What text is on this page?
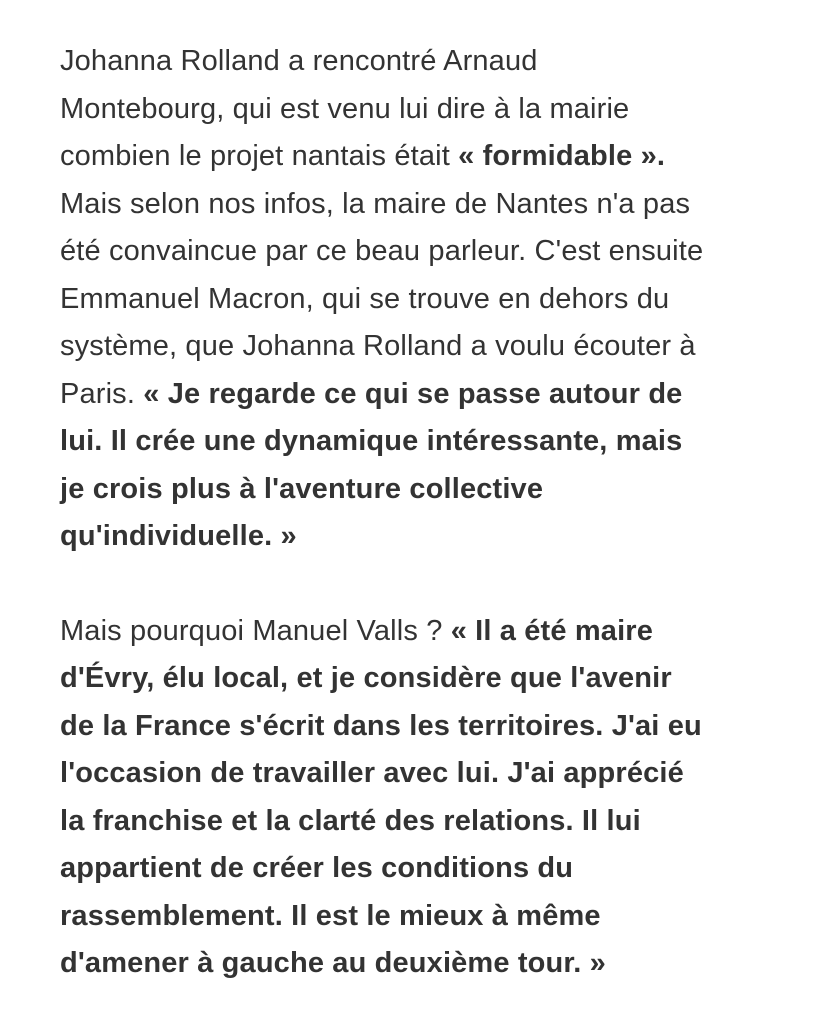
Johanna Rolland a rencontré Arnaud
Montebourg, qui est venu lui dire à la mairie
combien le projet nantais était « formidable ».
Mais selon nos infos, la maire de Nantes n'a pas
été convaincue par ce beau parleur. C'est ensuite
Emmanuel Macron, qui se trouve en dehors du
système, que Johanna Rolland a voulu écouter à
Paris. « Je regarde ce qui se passe autour de
lui. Il crée une dynamique intéressante, mais
je crois plus à l'aventure collective
qu'individuelle. »

Mais pourquoi Manuel Valls ? « Il a été maire
d'Évry, élu local, et je considère que l'avenir
de la France s'écrit dans les territoires. J'ai eu
l'occasion de travailler avec lui. J'ai apprécié
la franchise et la clarté des relations. Il lui
appartient de créer les conditions du
rassemblement. Il est le mieux à même
d'amener à gauche au deuxième tour. »
